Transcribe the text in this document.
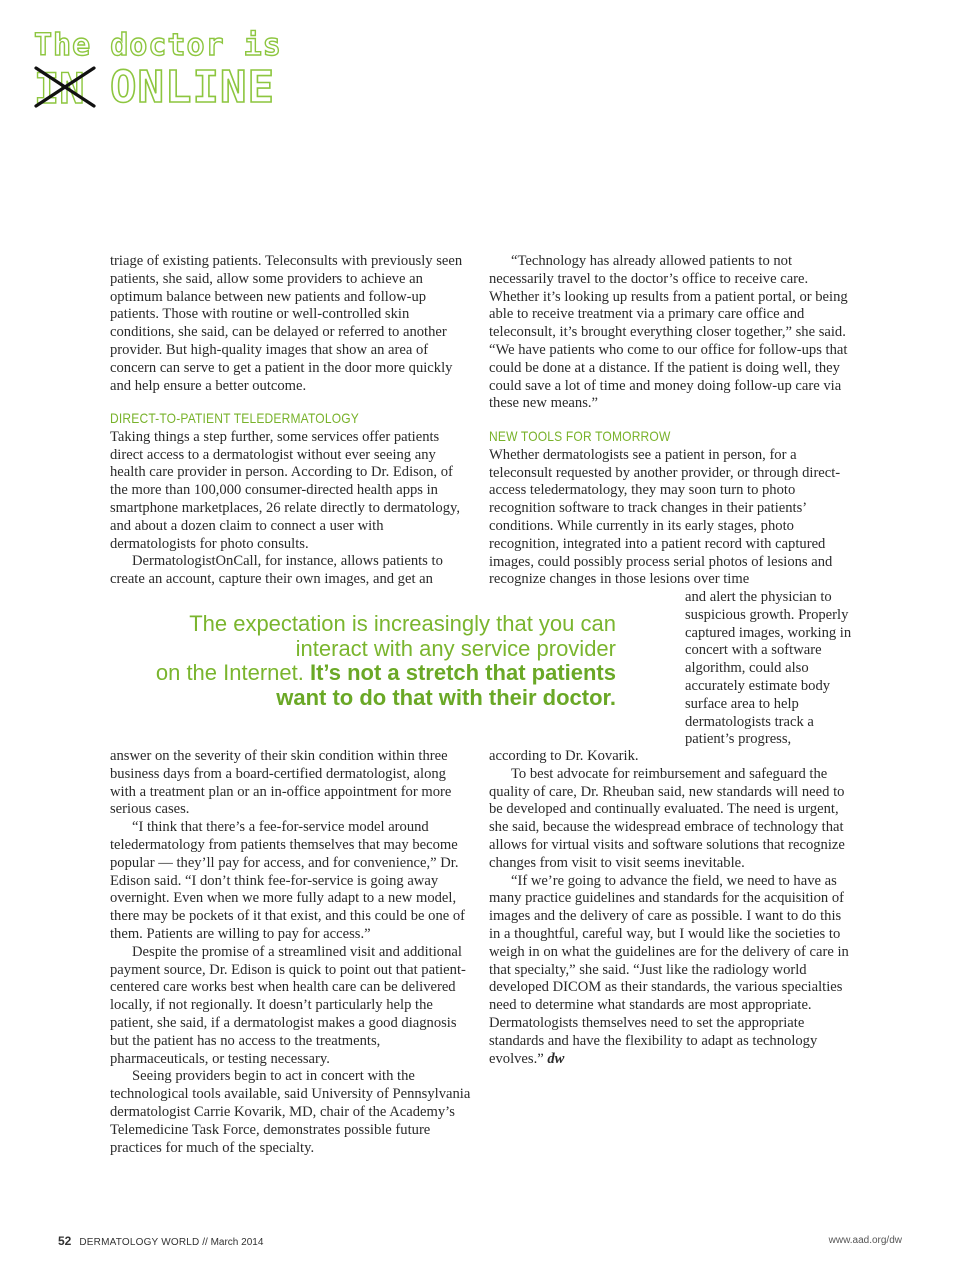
The doctor is
IN ONLINE

triage of existing patients. Teleconsults with previously seen patients, she said, allow some providers to achieve an optimum balance between new patients and follow-up patients. Those with routine or well-controlled skin conditions, she said, can be delayed or referred to another provider. But high-quality images that show an area of concern can serve to get a patient in the door more quickly and help ensure a better outcome.

DIRECT-TO-PATIENT TELEDERMATOLOGY

Taking things a step further, some services offer patients direct access to a dermatologist without ever seeing any health care provider in person. According to Dr. Edison, of the more than 100,000 consumer-directed health apps in smartphone marketplaces, 26 relate directly to dermatology, and about a dozen claim to connect a user with dermatologists for photo consults.

DermatologistOnCall, for instance, allows patients to create an account, capture their own images, and get an

The expectation is increasingly that you can
interact with any service provider
on the Internet. It’s not a stretch that patients
want to do that with their doctor.

answer on the severity of their skin condition within three business days from a board-certified dermatologist, along with a treatment plan or an in-office appointment for more serious cases.

“I think that there’s a fee-for-service model around teledermatology from patients themselves that may become popular — they’ll pay for access, and for convenience,” Dr. Edison said. “I don’t think fee-for-service is going away overnight. Even when we more fully adapt to a new model, there may be pockets of it that exist, and this could be one of them. Patients are willing to pay for access.”

Despite the promise of a streamlined visit and additional payment source, Dr. Edison is quick to point out that patient-centered care works best when health care can be delivered locally, if not regionally. It doesn’t particularly help the patient, she said, if a dermatologist makes a good diagnosis but the patient has no access to the treatments, pharmaceuticals, or testing necessary.

Seeing providers begin to act in concert with the technological tools available, said University of Pennsylvania dermatologist Carrie Kovarik, MD, chair of the Academy’s Telemedicine Task Force, demonstrates possible future practices for much of the specialty.

“Technology has already allowed patients to not necessarily travel to the doctor’s office to receive care. Whether it’s looking up results from a patient portal, or being able to receive treatment via a primary care office and teleconsult, it’s brought everything closer together,” she said. “We have patients who come to our office for follow-ups that could be done at a distance. If the patient is doing well, they could save a lot of time and money doing follow-up care via these new means.”

NEW TOOLS FOR TOMORROW

Whether dermatologists see a patient in person, for a teleconsult requested by another provider, or through direct-access teledermatology, they may soon turn to photo recognition software to track changes in their patients’ conditions. While currently in its early stages, photo recognition, integrated into a patient record with captured images, could possibly process serial photos of lesions and recognize changes in those lesions over time

and alert the physician to suspicious growth. Properly captured images, working in concert with a software algorithm, could also accurately estimate body surface area to help dermatologists track a patient’s progress,

according to Dr. Kovarik.

To best advocate for reimbursement and safeguard the quality of care, Dr. Rheuban said, new standards will need to be developed and continually evaluated. The need is urgent, she said, because the widespread embrace of technology that allows for virtual visits and software solutions that recognize changes from visit to visit seems inevitable.

“If we’re going to advance the field, we need to have as many practice guidelines and standards for the acquisition of images and the delivery of care as possible. I want to do this in a thoughtful, careful way, but I would like the societies to weigh in on what the guidelines are for the delivery of care in that specialty,” she said. “Just like the radiology world developed DICOM as their standards, the various specialties need to determine what standards are most appropriate. Dermatologists themselves need to set the appropriate standards and have the flexibility to adapt as technology evolves.” dw

52 DERMATOLOGY WORLD // March 2014	www.aad.org/dw
